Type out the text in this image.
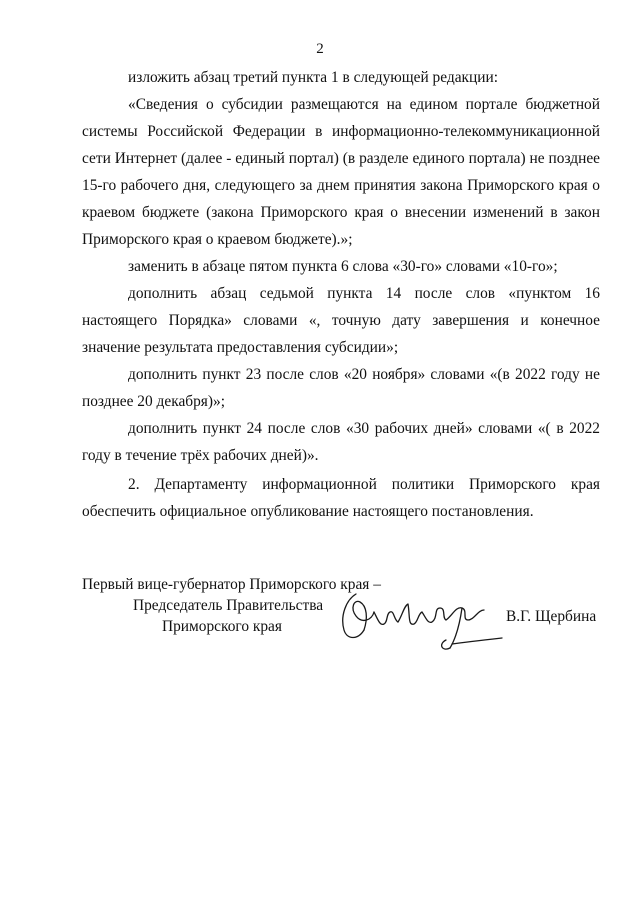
2

изложить абзац третий пункта 1 в следующей редакции:

«Сведения о субсидии размещаются на едином портале бюджетной системы Российской Федерации в информационно-телекоммуникационной сети Интернет (далее - единый портал) (в разделе единого портала) не позднее 15-го рабочего дня, следующего за днем принятия закона Приморского края о краевом бюджете (закона Приморского края о внесении изменений в закон Приморского края о краевом бюджете).»;

заменить в абзаце пятом пункта 6 слова «30-го» словами «10-го»;

дополнить абзац седьмой пункта 14 после слов «пунктом 16 настоящего Порядка» словами «, точную дату завершения и конечное значение результата предоставления субсидии»;

дополнить пункт 23 после слов «20 ноября» словами «(в 2022 году не позднее 20 декабря)»;

дополнить пункт 24 после слов «30 рабочих дней» словами «( в 2022 году в течение трёх рабочих дней)».

2. Департаменту информационной политики Приморского края обеспечить официальное опубликование настоящего постановления.

Первый вице-губернатор Приморского края –
Председатель Правительства
Приморского края
В.Г. Щербина
